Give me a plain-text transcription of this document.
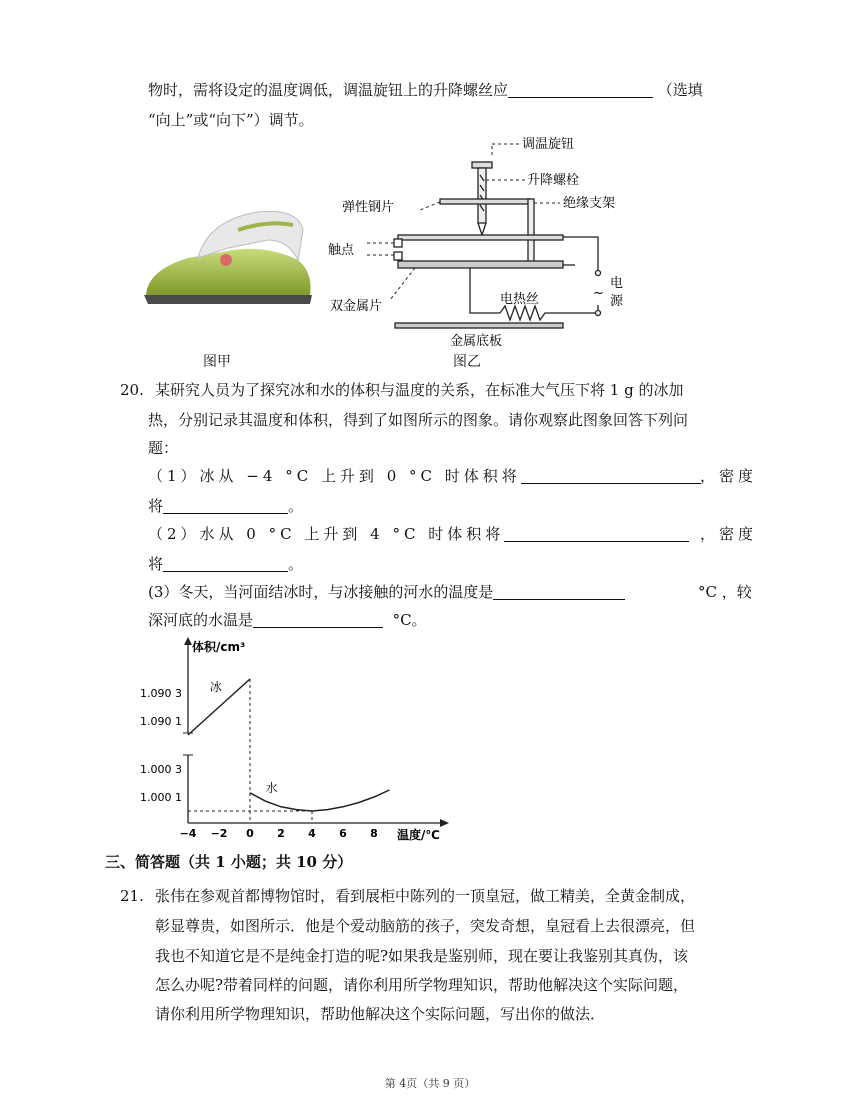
物时，需将设定的温度调低，调温旋钮上的升降螺丝应	（选填
“向上”或“向下”）调节。
调温旋钮
升降螺栓
绝缘支架
弹性钢片
触点
双金属片	电热丝
电
源
~
金属底板
图甲	图乙
20. 某研究人员为了探究冰和水的体积与温度的关系，在标准大气压下将 1 g 的冰加
热，分别记录其温度和体积，得到了如图所示的图象。请你观察此图象回答下列问
题：
（1）冰从 −4 °C 上升到 0 °C 时体积将	，密度
将	。
（2）水从 0 °C 上升到 4 °C 时体积将	，密度
将	。
(3）冬天，当河面结冰时，与冰接触的河水的温度是	°C ，较
深河底的水温是	°C。
体积/cm³
温度/℃
−4 −2 0 2 4 6 8
1.090 3
1.090 1
1.000 3
1.000 1
冰
水
三、简答题（共 1 小题；共 10 分）
21. 张伟在参观首都博物馆时，看到展柜中陈列的一顶皇冠，做工精美，全黄金制成，
彰显尊贵，如图所示．他是个爱动脑筋的孩子，突发奇想，皇冠看上去很漂亮，但
我也不知道它是不是纯金打造的呢?如果我是鉴别师，现在要让我鉴别其真伪，该
怎么办呢?带着同样的问题，请你利用所学物理知识，帮助他解决这个实际问题，
请你利用所学物理知识，帮助他解决这个实际问题，写出你的做法．
第 4页（共 9 页）
